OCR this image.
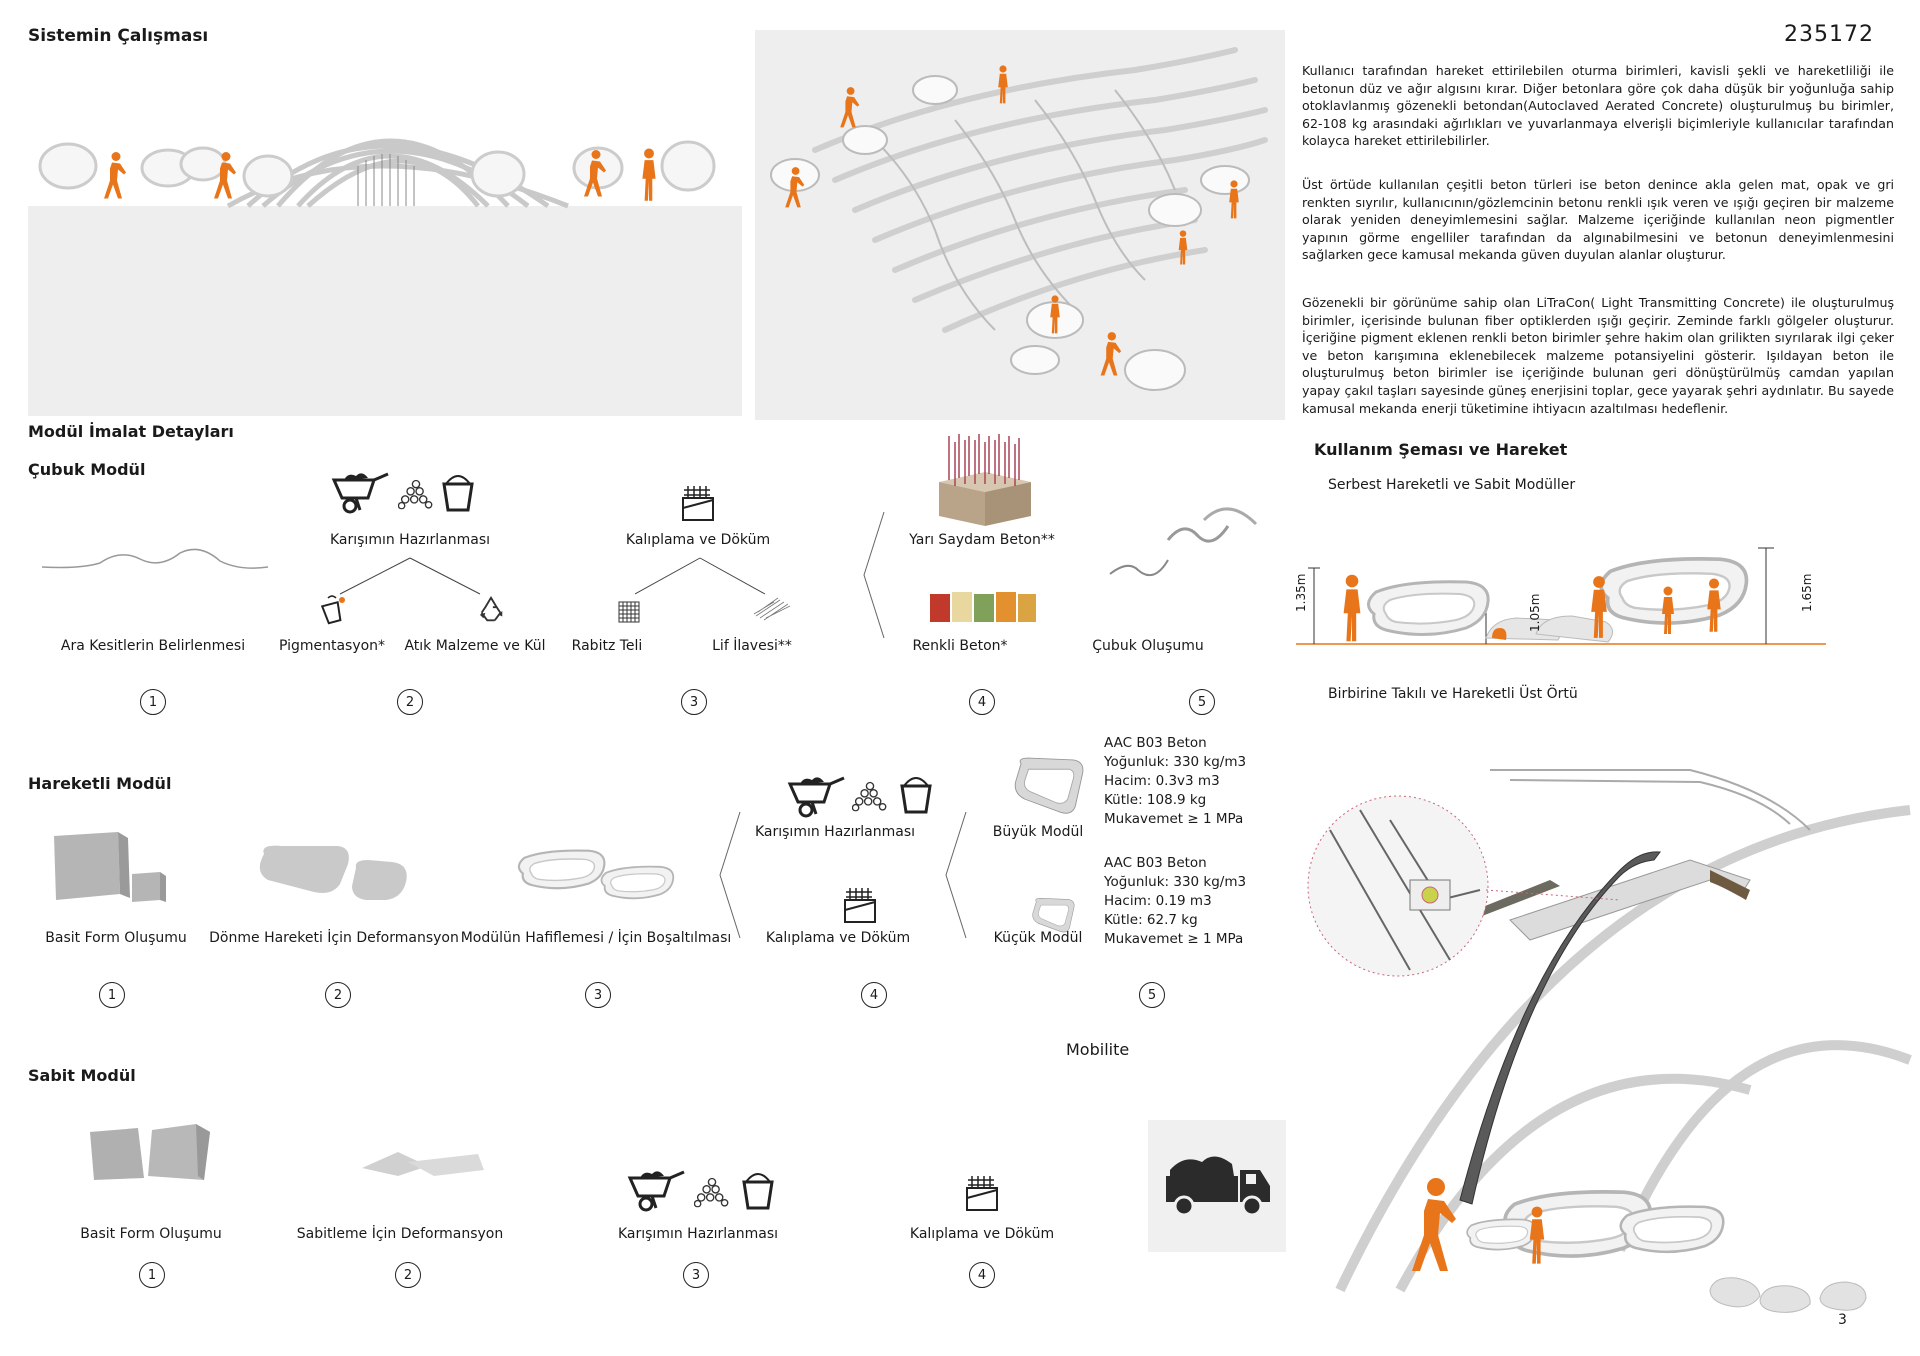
Sistemin Çalışması	235172
Kullanıcı tarafından hareket ettirilebilen oturma birimleri, kavisli şekli ve hareketliliği ile betonun düz ve ağır algısını kırar. Diğer betonlara göre çok daha düşük bir yoğunluğa sahip otoklavlanmış gözenekli betondan(Autoclaved Aerated Concrete) oluşturulmuş bu birimler, 62-108 kg arasındaki ağırlıkları ve yuvarlanmaya elverişli biçimleriyle kullanıcılar tarafından kolayca hareket ettirilebilirler.
Üst örtüde kullanılan çeşitli beton türleri ise beton denince akla gelen mat, opak ve gri renkten sıyrılır, kullanıcının/gözlemcinin betonu renkli ışık veren ve ışığı geçiren bir malzeme olarak yeniden deneyimlemesini sağlar. Malzeme içeriğinde kullanılan neon pigmentler yapının görme engelliler tarafından da algınabilmesini ve betonun deneyimlenmesini sağlarken gece kamusal mekanda güven duyulan alanlar oluşturur.
Gözenekli bir görünüme sahip olan LiTraCon( Light Transmitting Concrete) ile oluşturulmuş birimler, içerisinde bulunan fiber optiklerden ışığı geçirir. Zeminde farklı gölgeler oluşturur. İçeriğine pigment eklenen renkli beton birimler şehre hakim olan grilikten sıyrılarak ilgi çeker ve beton karışımına eklenebilecek malzeme potansiyelini gösterir. Işıldayan beton ile oluşturulmuş beton birimler ise içeriğinde bulunan geri dönüştürülmüş camdan yapılan yapay çakıl taşları sayesinde güneş enerjisini toplar, gece yayarak şehri aydınlatır. Bu sayede kamusal mekanda enerji tüketimine ihtiyacın azaltılması hedeflenir.
Modül İmalat Detayları
Çubuk Modül
Ara Kesitlerin Belirlenmesi
Karışımın Hazırlanması
Pigmentasyon* Atık Malzeme ve Kül
Kalıplama ve Döküm
Rabitz Teli	Lif İlavesi**
Yarı Saydam Beton**
Renkli Beton*	Çubuk Oluşumu
1	2	3	4	5
Hareketli Modül
Basit Form Oluşumu Dönme Hareketi İçin Deformansyon Modülün Hafiflemesi / İçin Boşaltılması
Karışımın Hazırlanması
Kalıplama ve Döküm
Büyük Modül
Küçük Modül
AAC B03 Beton
Yoğunluk: 330 kg/m3
Hacim: 0.3v3 m3
Kütle: 108.9 kg
Mukavemet ≥ 1 MPa
AAC B03 Beton
Yoğunluk: 330 kg/m3
Hacim: 0.19 m3
Kütle: 62.7 kg
Mukavemet ≥ 1 MPa
1	2	3	4	5
Mobilite
Sabit Modül
Basit Form Oluşumu	Sabitleme İçin Deformansyon	Karışımın Hazırlanması	Kalıplama ve Döküm
1	2	3	4
Kullanım Şeması ve Hareket
Serbest Hareketli ve Sabit Modüller
1.35m
1.05m
1.65m
Birbirine Takılı ve Hareketli Üst Örtü
3
